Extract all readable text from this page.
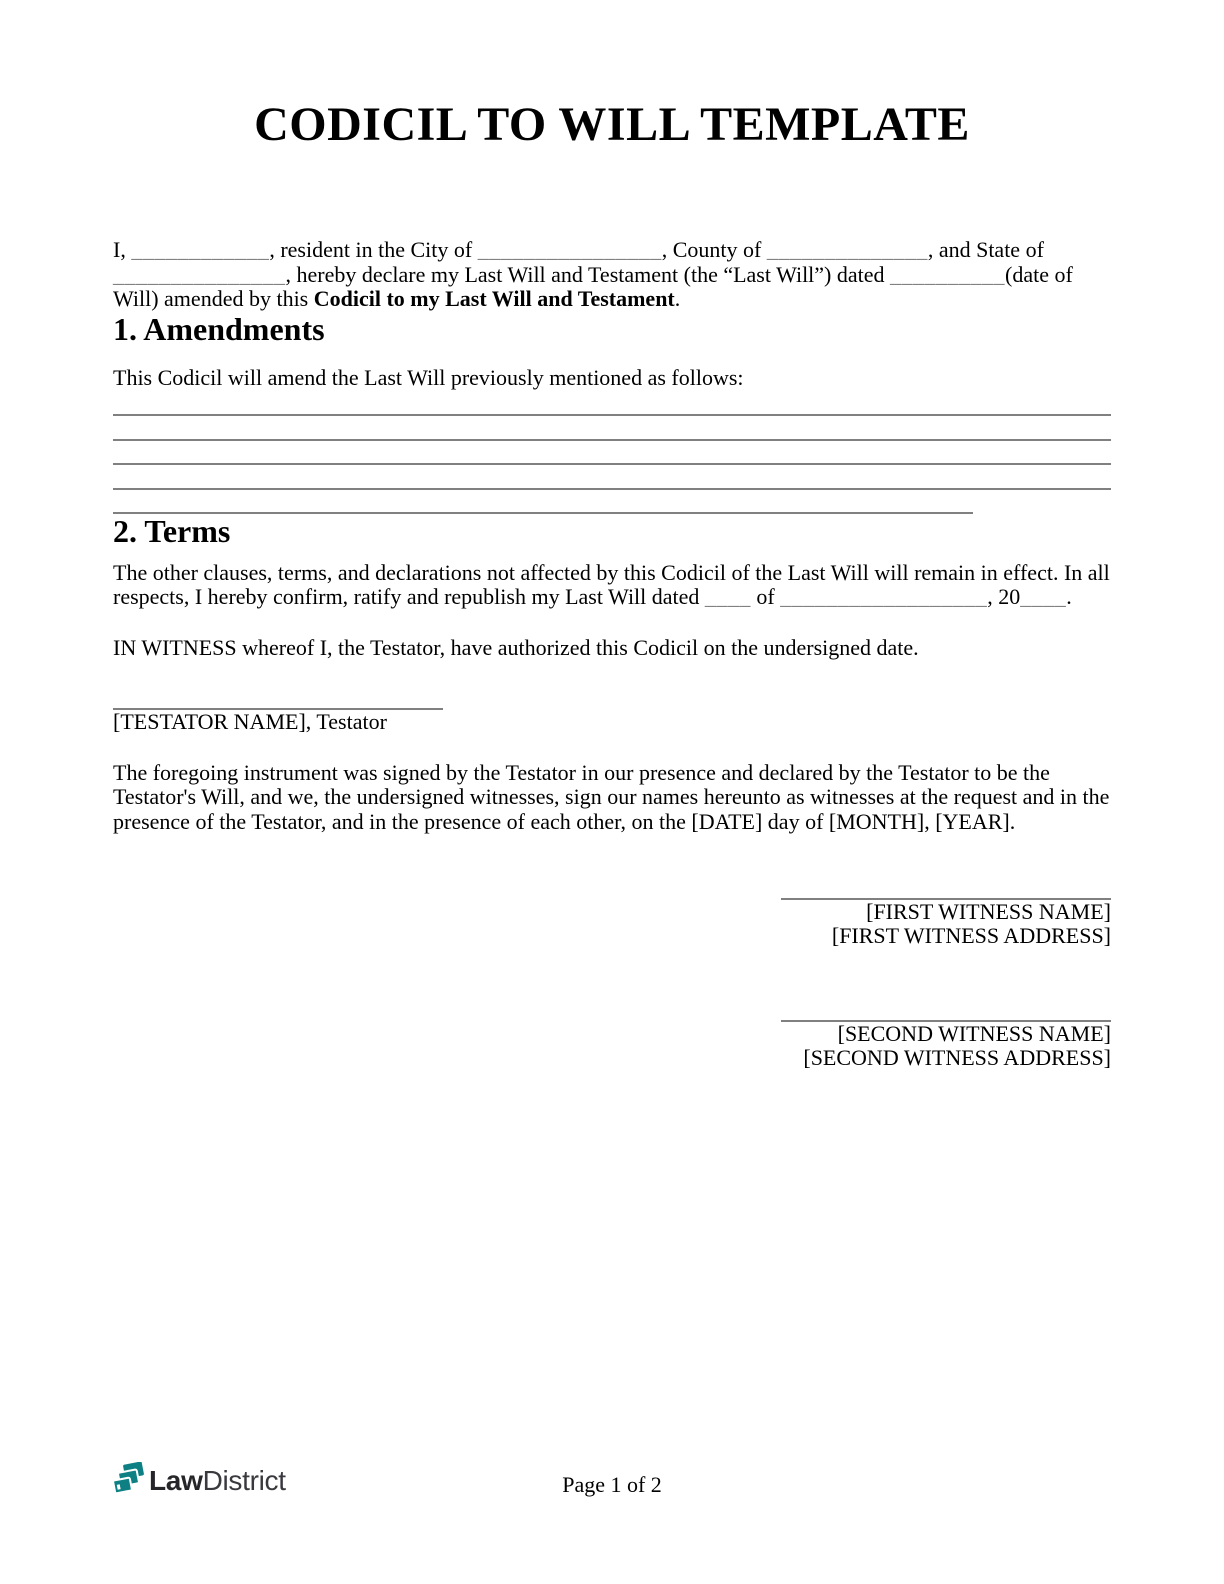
CODICIL TO WILL TEMPLATE

I, ____________, resident in the City of ________________, County of ______________, and State of
_______________, hereby declare my Last Will and Testament (the “Last Will”) dated __________(date of
Will) amended by this Codicil to my Last Will and Testament.

1. Amendments

This Codicil will amend the Last Will previously mentioned as follows:

2. Terms

The other clauses, terms, and declarations not affected by this Codicil of the Last Will will remain in effect. In all
respects, I hereby confirm, ratify and republish my Last Will dated ____ of __________________, 20____.

IN WITNESS whereof I, the Testator, have authorized this Codicil on the undersigned date.

[TESTATOR NAME], Testator

The foregoing instrument was signed by the Testator in our presence and declared by the Testator to be the
Testator's Will, and we, the undersigned witnesses, sign our names hereunto as witnesses at the request and in the
presence of the Testator, and in the presence of each other, on the [DATE] day of [MONTH], [YEAR].

[FIRST WITNESS NAME]
[FIRST WITNESS ADDRESS]
[SECOND WITNESS NAME]
[SECOND WITNESS ADDRESS]
LawDistrict	Page 1 of 2
